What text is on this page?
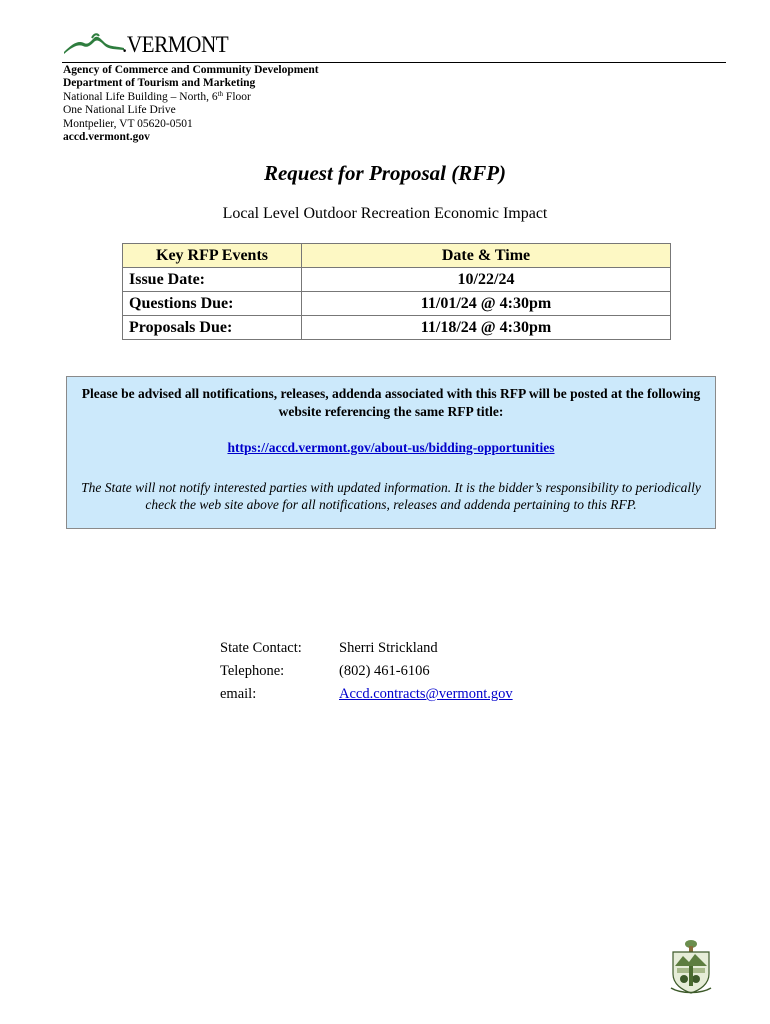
.VERMONT
Agency of Commerce and Community Development
Department of Tourism and Marketing
National Life Building – North, 6th Floor
One National Life Drive
Montpelier, VT 05620-0501
accd.vermont.gov
Request for Proposal (RFP)
Local Level Outdoor Recreation Economic Impact
Key RFP Events	Date & Time
Issue Date:	10/22/24
Questions Due:	11/01/24 @ 4:30pm
Proposals Due:	11/18/24 @ 4:30pm
Please be advised all notifications, releases, addenda associated with this RFP will be posted at the following website referencing the same RFP title:
https://accd.vermont.gov/about-us/bidding-opportunities
The State will not notify interested parties with updated information. It is the bidder’s responsibility to periodically check the web site above for all notifications, releases and addenda pertaining to this RFP.
State Contact:	Sherri Strickland
Telephone:	(802) 461-6106
email:	Accd.contracts@vermont.gov
